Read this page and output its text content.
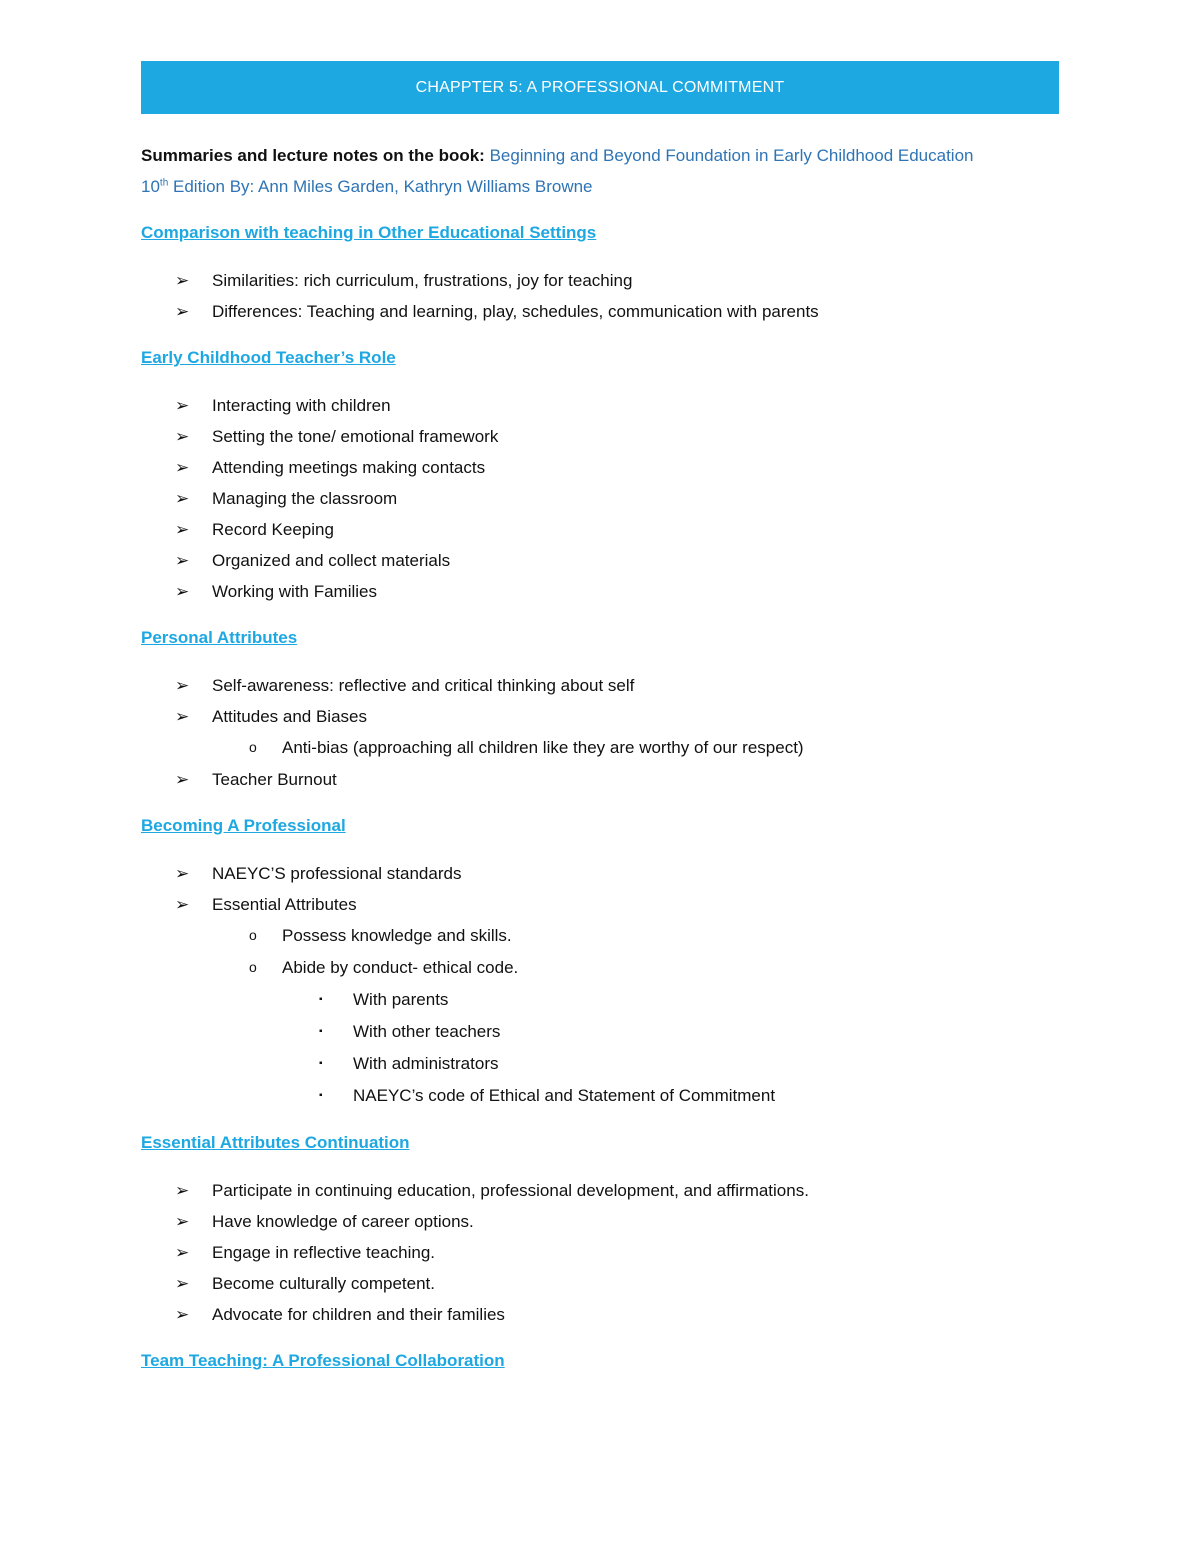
CHAPPTER 5: A PROFESSIONAL COMMITMENT

Summaries and lecture notes on the book: Beginning and Beyond Foundation in Early Childhood Education
10th Edition By: Ann Miles Garden, Kathryn Williams Browne

Comparison with teaching in Other Educational Settings
➢ Similarities: rich curriculum, frustrations, joy for teaching
➢ Differences: Teaching and learning, play, schedules, communication with parents
Early Childhood Teacher’s Role
➢ Interacting with children
➢ Setting the tone/ emotional framework
➢ Attending meetings making contacts
➢ Managing the classroom
➢ Record Keeping
➢ Organized and collect materials
➢ Working with Families
Personal Attributes
➢ Self-awareness: reflective and critical thinking about self
➢ Attitudes and Biases
o Anti-bias (approaching all children like they are worthy of our respect)
➢ Teacher Burnout
Becoming A Professional
➢ NAEYC’S professional standards
➢ Essential Attributes
o Possess knowledge and skills.
o Abide by conduct- ethical code.
▪ With parents
▪ With other teachers
▪ With administrators
▪ NAEYC’s code of Ethical and Statement of Commitment
Essential Attributes Continuation
➢ Participate in continuing education, professional development, and affirmations.
➢ Have knowledge of career options.
➢ Engage in reflective teaching.
➢ Become culturally competent.
➢ Advocate for children and their families
Team Teaching: A Professional Collaboration
